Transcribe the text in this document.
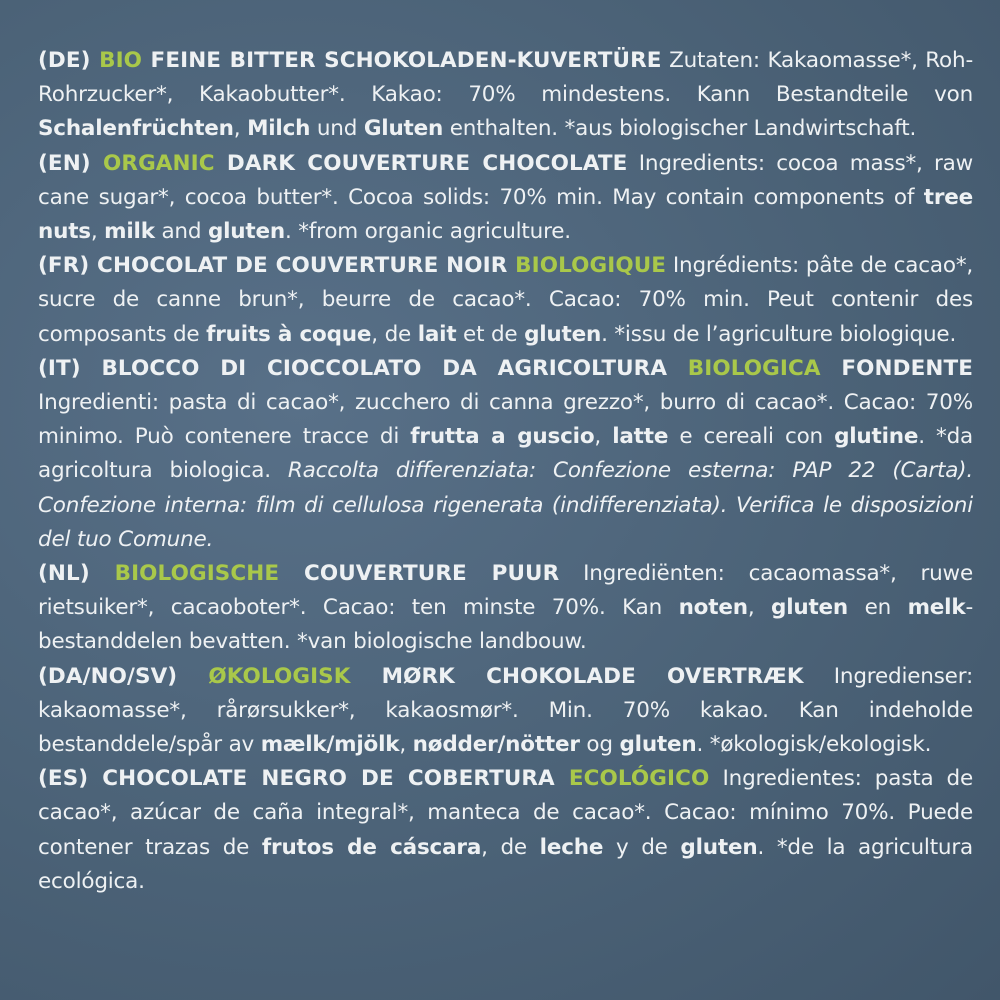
(DE) BIO FEINE BITTER SCHOKOLADEN-KUVERTÜRE Zutaten: Kakaomasse*, Roh-Rohrzucker*, Kakaobutter*. Kakao: 70% mindestens. Kann Bestandteile von Schalenfrüchten, Milch und Gluten enthalten. *aus biologischer Landwirtschaft.

(EN) ORGANIC DARK COUVERTURE CHOCOLATE Ingredients: cocoa mass*, raw cane sugar*, cocoa butter*. Cocoa solids: 70% min. May contain components of tree nuts, milk and gluten. *from organic agriculture.

(FR) CHOCOLAT DE COUVERTURE NOIR BIOLOGIQUE Ingrédients: pâte de cacao*, sucre de canne brun*, beurre de cacao*. Cacao: 70% min. Peut contenir des composants de fruits à coque, de lait et de gluten. *issu de l’agriculture biologique.

(IT) BLOCCO DI CIOCCOLATO DA AGRICOLTURA BIOLOGICA FONDENTE Ingredienti: pasta di cacao*, zucchero di canna grezzo*, burro di cacao*. Cacao: 70% minimo. Può contenere tracce di frutta a guscio, latte e cereali con glutine. *da agricoltura biologica. Raccolta differenziata: Confezione esterna: PAP 22 (Carta). Confezione interna: film di cellulosa rigenerata (indifferenziata). Verifica le disposizioni del tuo Comune.

(NL) BIOLOGISCHE COUVERTURE PUUR Ingrediënten: cacaomassa*, ruwe rietsuiker*, cacaoboter*. Cacao: ten minste 70%. Kan noten, gluten en melk-bestanddelen bevatten. *van biologische landbouw.

(DA/NO/SV) ØKOLOGISK MØRK CHOKOLADE OVERTRÆK Ingredienser: kakaomasse*, rårørsukker*, kakaosmør*. Min. 70% kakao. Kan indeholde bestanddele/spår av mælk/mjölk, nødder/nötter og gluten. *økologisk/ekologisk.

(ES) CHOCOLATE NEGRO DE COBERTURA ECOLÓGICO Ingredientes: pasta de cacao*, azúcar de caña integral*, manteca de cacao*. Cacao: mínimo 70%. Puede contener trazas de frutos de cáscara, de leche y de gluten. *de la agricultura ecológica.
